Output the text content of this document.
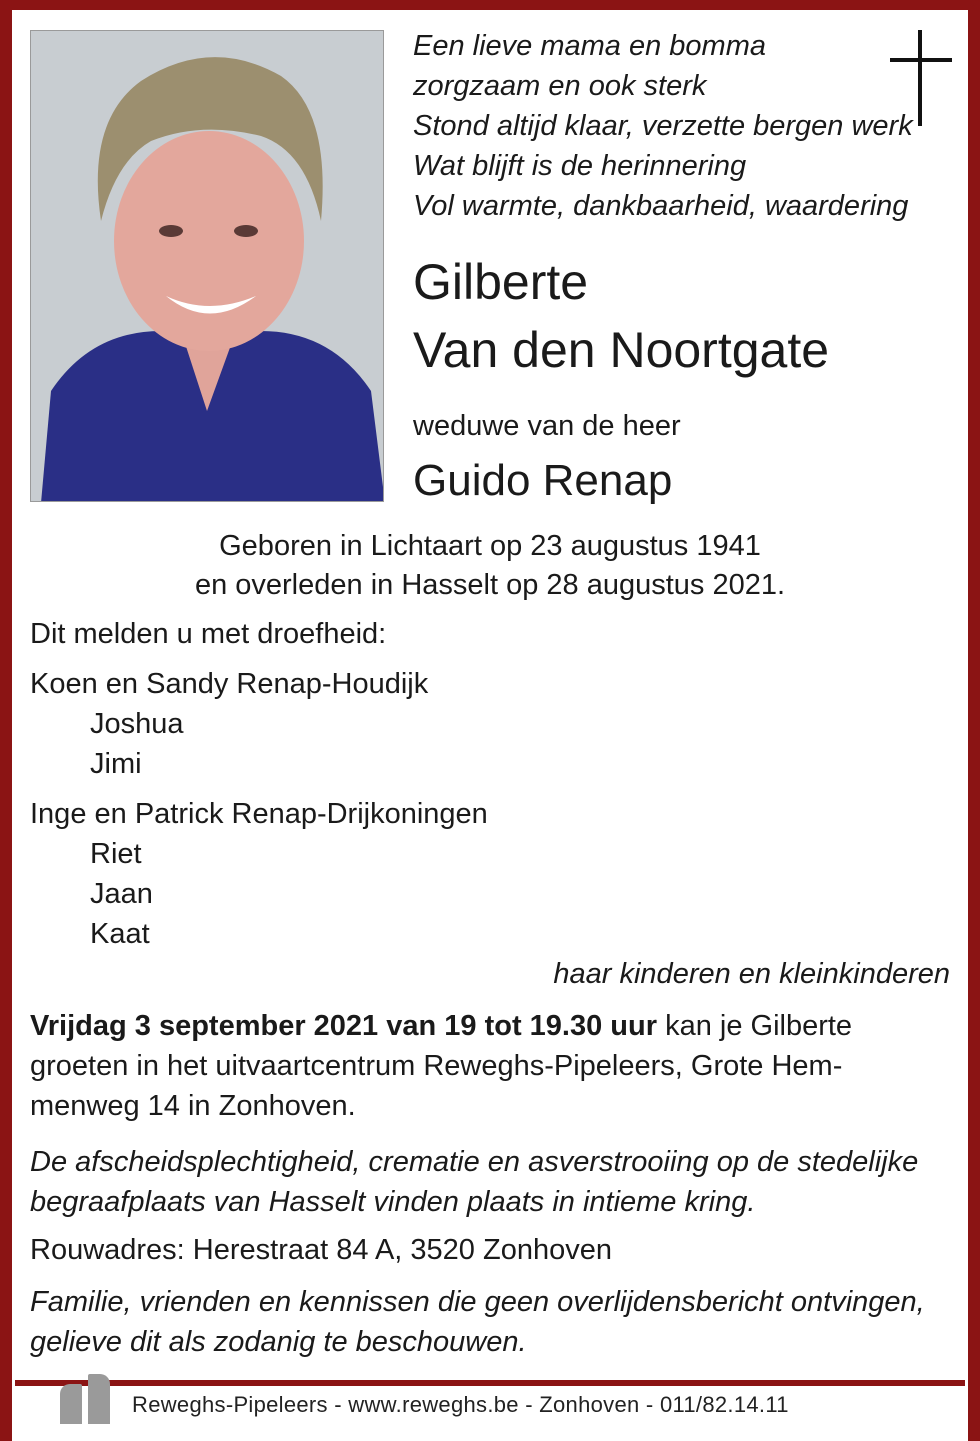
Een lieve mama en bomma
zorgzaam en ook sterk
Stond altijd klaar, verzette bergen werk
Wat blijft is de herinnering
Vol warmte, dankbaarheid, waardering
Gilberte
Van den Noortgate
weduwe van de heer
Guido Renap
Geboren in Lichtaart op 23 augustus 1941
en overleden in Hasselt op 28 augustus 2021.
Dit melden u met droefheid:
Koen en Sandy Renap-Houdijk
Joshua
Jimi
Inge en Patrick Renap-Drijkoningen
Riet
Jaan
Kaat
haar kinderen en kleinkinderen
Vrijdag 3 september 2021 van 19 tot 19.30 uur kan je Gilberte
groeten in het uitvaartcentrum Reweghs-Pipeleers, Grote Hem-
menweg 14 in Zonhoven.
De afscheidsplechtigheid, crematie en asverstrooiing op de stedelijke
begraafplaats van Hasselt vinden plaats in intieme kring.
Rouwadres: Herestraat 84 A, 3520 Zonhoven
Familie, vrienden en kennissen die geen overlijdensbericht ontvingen,
gelieve dit als zodanig te beschouwen.
Reweghs-Pipeleers - www.reweghs.be - Zonhoven - 011/82.14.11
